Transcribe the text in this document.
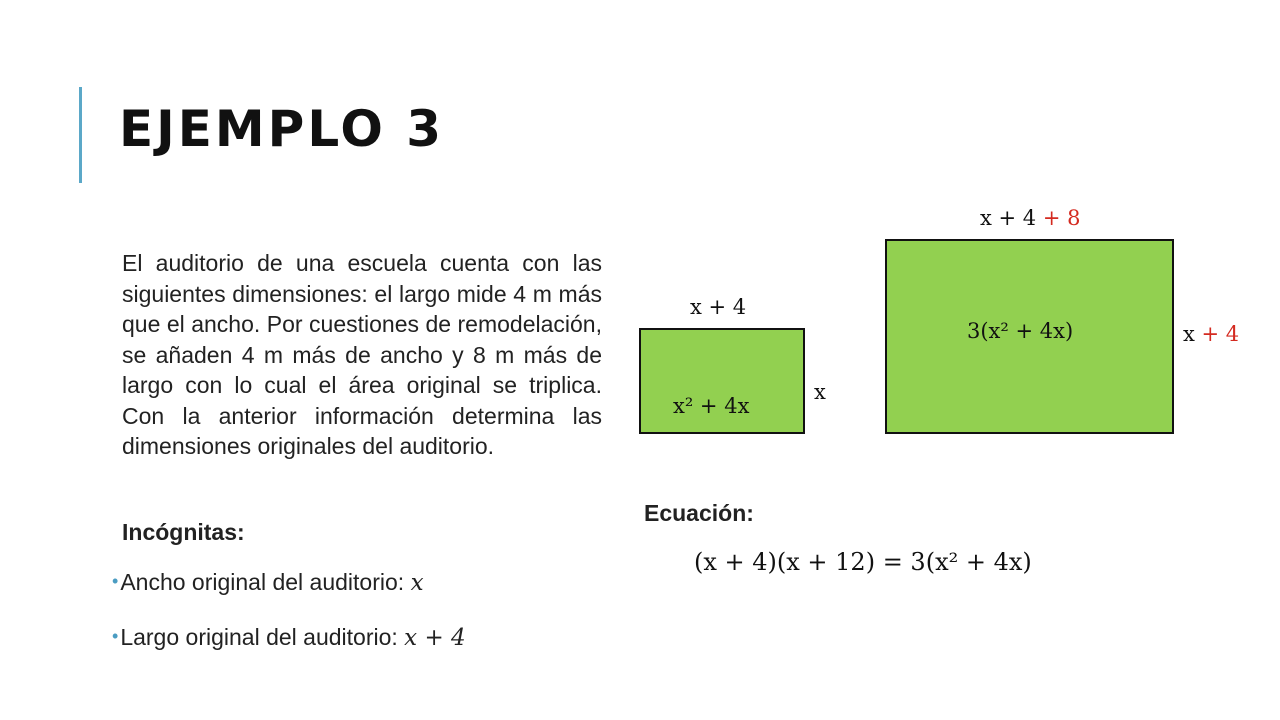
EJEMPLO 3

El auditorio de una escuela cuenta con las siguientes dimensiones: el largo mide 4 m más que el ancho. Por cuestiones de remodelación, se añaden 4 m más de ancho y 8 m más de largo con lo cual el área original se triplica. Con la anterior información determina las dimensiones originales del auditorio.

Incógnitas:

•Ancho original del auditorio: x
•Largo original del auditorio: x + 4
x + 4
x² + 4x
x
x + 4 + 8
3(x² + 4x)	x + 4

Ecuación:

(x + 4)(x + 12) = 3(x² + 4x)
